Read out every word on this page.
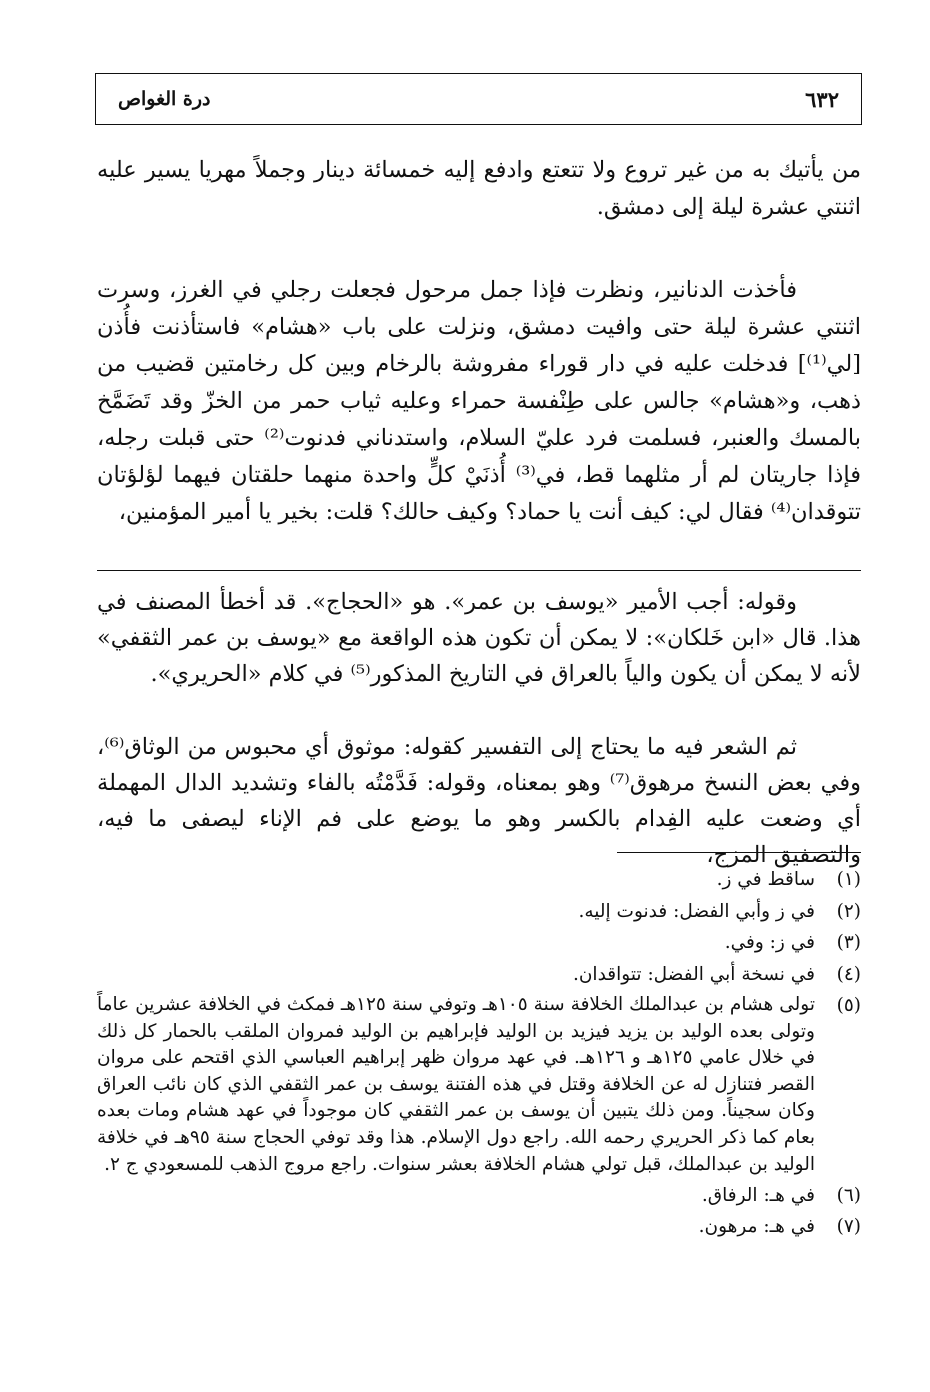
درة الغواص	٦٣٢

من يأتيك به من غير تروع ولا تتعتع وادفع إليه خمسائة دينار وجملاً مهريا يسير عليه اثنتي عشرة ليلة إلى دمشق.

فأخذت الدنانير، ونظرت فإذا جمل مرحول فجعلت رجلي في الغرز، وسرت اثنتي عشرة ليلة حتى وافيت دمشق، ونزلت على باب «هشام» فاستأذنت فأُذن [لي⁽¹⁾] فدخلت عليه في دار قوراء مفروشة بالرخام وبين كل رخامتين قضيب من ذهب، و«هشام» جالس على طِنْفسة حمراء وعليه ثياب حمر من الخزّ وقد تَضَمَّخ بالمسك والعنبر، فسلمت فرد عليّ السلام، واستدناني فدنوت⁽²⁾ حتى قبلت رجله، فإذا جاريتان لم أر مثلهما قط، في⁽³⁾ أُذنَيْ كلٍّ واحدة منهما حلقتان فيهما لؤلؤتان تتوقدان⁽⁴⁾ فقال لي: كيف أنت يا حماد؟ وكيف حالك؟ قلت: بخير يا أمير المؤمنين،

وقوله: أجب الأمير «يوسف بن عمر». هو «الحجاج». قد أخطأ المصنف في هذا. قال «ابن خَلكان»: لا يمكن أن تكون هذه الواقعة مع «يوسف بن عمر الثقفي» لأنه لا يمكن أن يكون والياً بالعراق في التاريخ المذكور⁽⁵⁾ في كلام «الحريري».

ثم الشعر فيه ما يحتاج إلى التفسير كقوله: موثوق أي محبوس من الوثاق⁽⁶⁾، وفي بعض النسخ مرهوق⁽⁷⁾ وهو بمعناه، وقوله: فَدَّمْتُه بالفاء وتشديد الدال المهملة أي وضعت عليه الفِدام بالكسر وهو ما يوضع على فم الإناء ليصفى ما فيه، والتصفيق المزج،

(١)
ساقط في ز.
(٢)
في ز وأبي الفضل: فدنوت إليه.
(٣)
في ز: وفي.
(٤)
في نسخة أبي الفضل: تتواقدان.
(٥)
تولى هشام بن عبدالملك الخلافة سنة ١٠٥هـ وتوفي سنة ١٢٥هـ فمكث في الخلافة عشرين عاماً وتولى بعده الوليد بن يزيد فيزيد بن الوليد فإبراهيم بن الوليد فمروان الملقب بالحمار كل ذلك في خلال عامي ١٢٥هـ و ١٢٦هـ. في عهد مروان ظهر إبراهيم العباسي الذي اقتحم على مروان القصر فتنازل له عن الخلافة وقتل في هذه الفتنة يوسف بن عمر الثقفي الذي كان نائب العراق وكان سجيناً. ومن ذلك يتبين أن يوسف بن عمر الثقفي كان موجوداً في عهد هشام ومات بعده بعام كما ذكر الحريري رحمه الله. راجع دول الإسلام. هذا وقد توفي الحجاج سنة ٩٥هـ في خلافة الوليد بن عبدالملك، قبل تولي هشام الخلافة بعشر سنوات. راجع مروج الذهب للمسعودي ج ٢.
(٦)
في هـ: الرفاق.
(٧)
في هـ: مرهون.
